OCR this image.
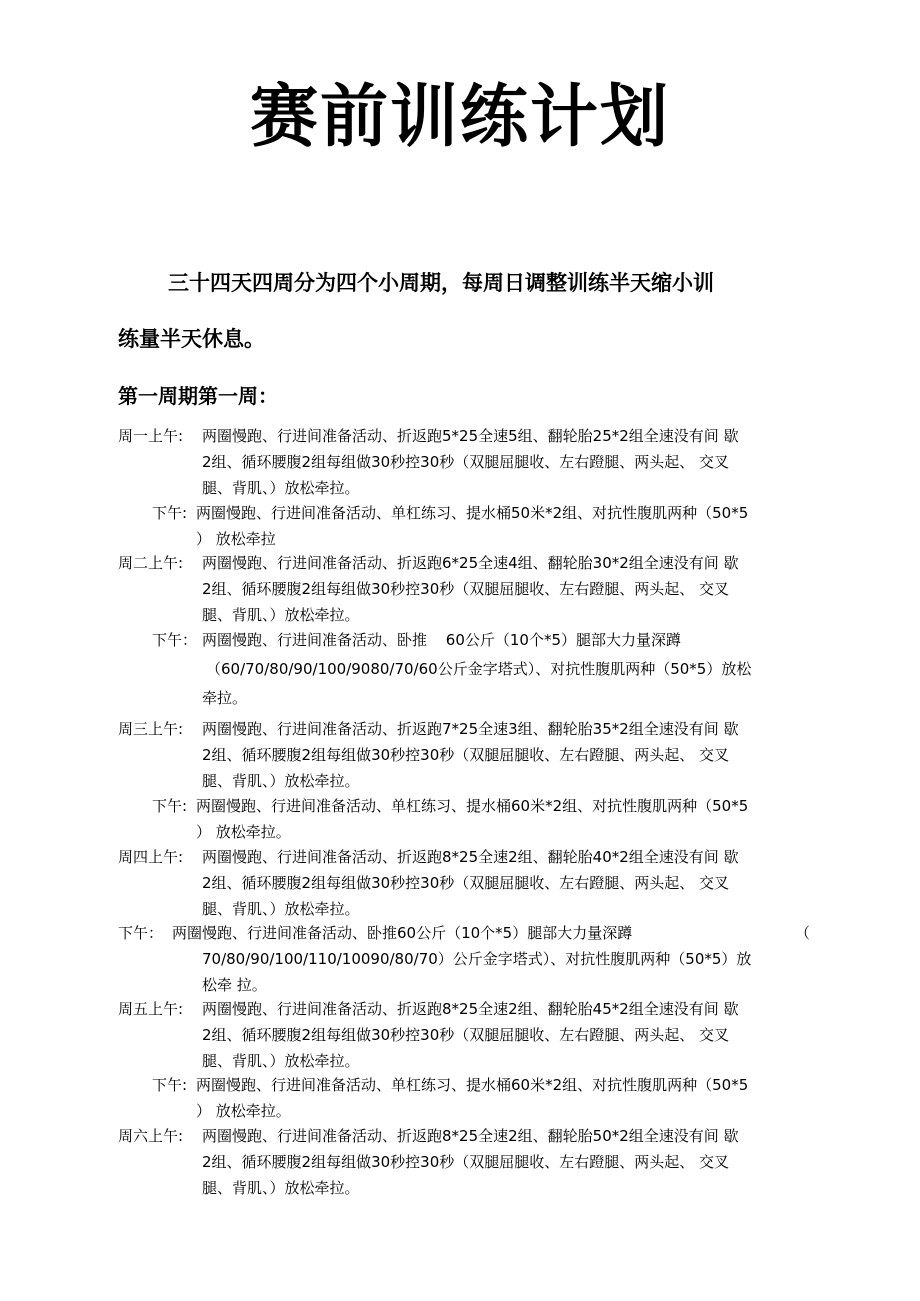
赛前训练计划
三十四天四周分为四个小周期，每周日调整训练半天缩小训
练量半天休息。
第一周期第一周：
周一上午: 两圈慢跑、行进间准备活动、折返跑5*25全速5组、翻轮胎25*2组全速没有间 歇
2组、循环腰腹2组每组做30秒控30秒（双腿屈腿收、左右蹬腿、两头起、 交叉
腿、背肌、）放松牵拉。
下午: 两圈慢跑、行进间准备活动、单杠练习、提水桶50米*2组、对抗性腹肌两种（50*5
） 放松牵拉
周二上午: 两圈慢跑、行进间准备活动、折返跑6*25全速4组、翻轮胎30*2组全速没有间 歇
2组、循环腰腹2组每组做30秒控30秒（双腿屈腿收、左右蹬腿、两头起、 交叉
腿、背肌、）放松牵拉。
下午： 两圈慢跑、行进间准备活动、卧推 60公斤（10个*5）腿部大力量深蹲
（60/70/80/90/100/9080/70/60公斤金字塔式）、对抗性腹肌两种（50*5）放松
牵拉。
周三上午: 两圈慢跑、行进间准备活动、折返跑7*25全速3组、翻轮胎35*2组全速没有间 歇
2组、循环腰腹2组每组做30秒控30秒（双腿屈腿收、左右蹬腿、两头起、 交叉
腿、背肌、）放松牵拉。
下午: 两圈慢跑、行进间准备活动、单杠练习、提水桶60米*2组、对抗性腹肌两种（50*5
） 放松牵拉。
周四上午: 两圈慢跑、行进间准备活动、折返跑8*25全速2组、翻轮胎40*2组全速没有间 歇
2组、循环腰腹2组每组做30秒控30秒（双腿屈腿收、左右蹬腿、两头起、 交叉
腿、背肌、）放松牵拉。
下午： 两圈慢跑、行进间准备活动、卧推60公斤（10个*5）腿部大力量深蹲	（
70/80/90/100/110/10090/80/70）公斤金字塔式）、对抗性腹肌两种（50*5）放
松牵 拉。
周五上午: 两圈慢跑、行进间准备活动、折返跑8*25全速2组、翻轮胎45*2组全速没有间 歇
2组、循环腰腹2组每组做30秒控30秒（双腿屈腿收、左右蹬腿、两头起、 交叉
腿、背肌、）放松牵拉。
下午: 两圈慢跑、行进间准备活动、单杠练习、提水桶60米*2组、对抗性腹肌两种（50*5
） 放松牵拉。
周六上午: 两圈慢跑、行进间准备活动、折返跑8*25全速2组、翻轮胎50*2组全速没有间 歇
2组、循环腰腹2组每组做30秒控30秒（双腿屈腿收、左右蹬腿、两头起、 交叉
腿、背肌、）放松牵拉。
